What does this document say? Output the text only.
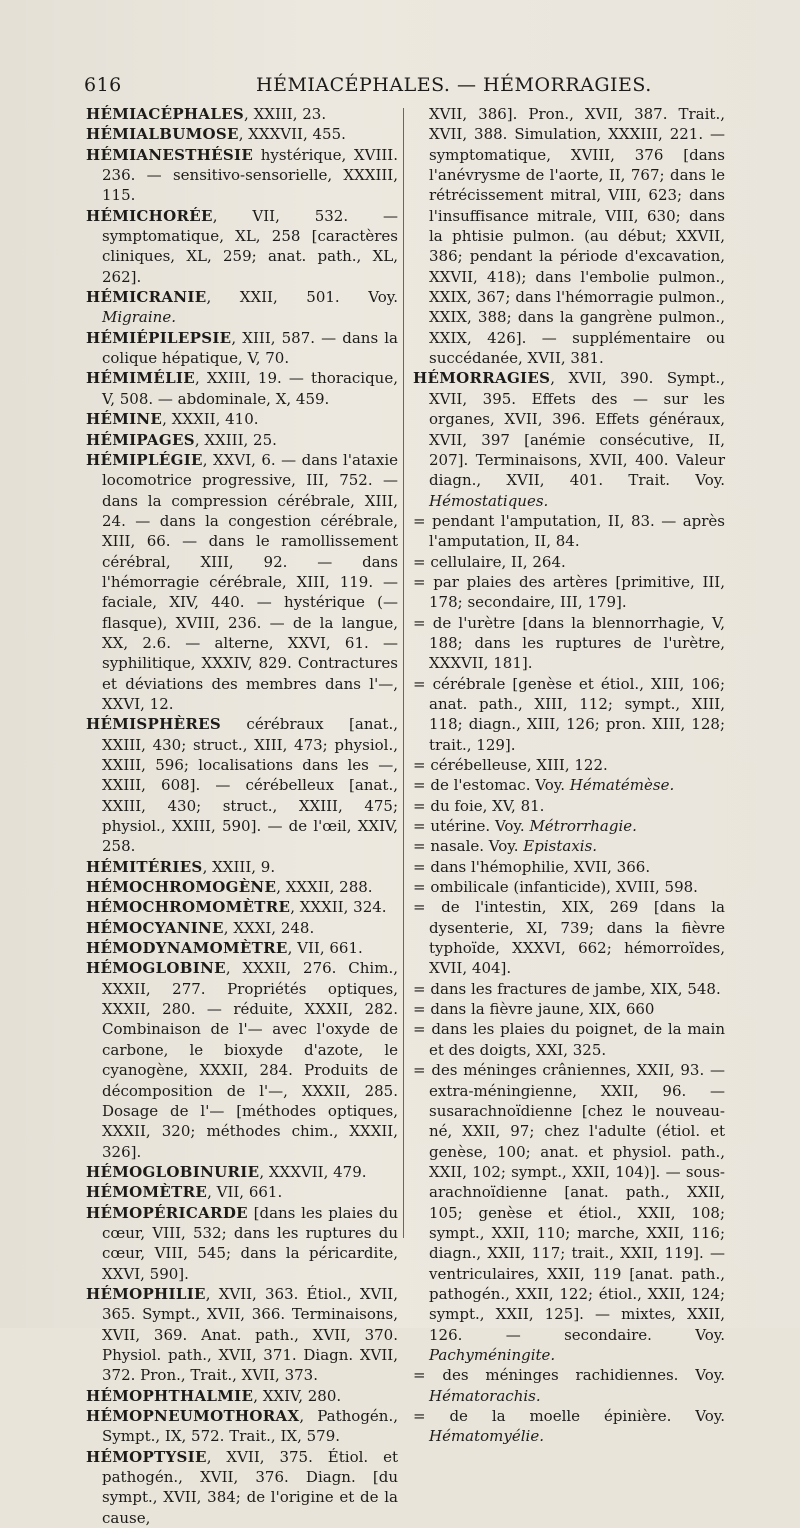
616	HÉMIACÉPHALES. — HÉMORRAGIES.

HÉMIACÉPHALES, XXIII, 23.

HÉMIALBUMOSE, XXXVII, 455.

HÉMIANESTHÉSIE hystérique, XVIII. 236. — sensitivo-sensorielle, XXXIII, 115.

HÉMICHORÉE, VII, 532. — symptomatique, XL, 258 [caractères cliniques, XL, 259; anat. path., XL, 262].

HÉMICRANIE, XXII, 501. Voy. Migraine.

HÉMIÉPILEPSIE, XIII, 587. — dans la colique hépatique, V, 70.

HÉMIMÉLIE, XXIII, 19. — thoracique, V, 508. — abdominale, X, 459.

HÉMINE, XXXII, 410.

HÉMIPAGES, XXIII, 25.

HÉMIPLÉGIE, XXVI, 6. — dans l'ataxie locomotrice progressive, III, 752. — dans la compression cérébrale, XIII, 24. — dans la congestion cérébrale, XIII, 66. — dans le ramollissement cérébral, XIII, 92. — dans l'hémorragie cérébrale, XIII, 119. — faciale, XIV, 440. — hystérique (— flasque), XVIII, 236. — de la langue, XX, 2.6. — alterne, XXVI, 61. — syphilitique, XXXIV, 829. Contractures et déviations des membres dans l'—, XXVI, 12.

HÉMISPHÈRES cérébraux [anat., XXIII, 430; struct., XIII, 473; physiol., XXIII, 596; localisations dans les —, XXIII, 608]. — cérébelleux [anat., XXIII, 430; struct., XXIII, 475; physiol., XXIII, 590]. — de l'œil, XXIV, 258.

HÉMITÉRIES, XXIII, 9.

HÉMOCHROMOGÈNE, XXXII, 288.

HÉMOCHROMOMÈTRE, XXXII, 324.

HÉMOCYANINE, XXXI, 248.

HÉMODYNAMOMÈTRE, VII, 661.

HÉMOGLOBINE, XXXII, 276. Chim., XXXII, 277. Propriétés optiques, XXXII, 280. — réduite, XXXII, 282. Combinaison de l'— avec l'oxyde de carbone, le bioxyde d'azote, le cyanogène, XXXII, 284. Produits de décomposition de l'—, XXXII, 285. Dosage de l'— [méthodes optiques, XXXII, 320; méthodes chim., XXXII, 326].

HÉMOGLOBINURIE, XXXVII, 479.

HÉMOMÈTRE, VII, 661.

HÉMOPÉRICARDE [dans les plaies du cœur, VIII, 532; dans les ruptures du cœur, VIII, 545; dans la péricardite, XXVI, 590].

HÉMOPHILIE, XVII, 363. Étiol., XVII, 365. Sympt., XVII, 366. Terminaisons, XVII, 369. Anat. path., XVII, 370. Physiol. path., XVII, 371. Diagn. XVII, 372. Pron., Trait., XVII, 373.

HÉMOPHTHALMIE, XXIV, 280.

HÉMOPNEUMOTHORAX, Pathogén., Sympt., IX, 572. Trait., IX, 579.

HÉMOPTYSIE, XVII, 375. Étiol. et pathogén., XVII, 376. Diagn. [du sympt., XVII, 384; de l'origine et de la cause,

XVII, 386]. Pron., XVII, 387. Trait., XVII, 388. Simulation, XXXIII, 221. — symptomatique, XVIII, 376 [dans l'anévrysme de l'aorte, II, 767; dans le rétrécissement mitral, VIII, 623; dans l'insuffisance mitrale, VIII, 630; dans la phtisie pulmon. (au début; XXVII, 386; pendant la période d'excavation, XXVII, 418); dans l'embolie pulmon., XXIX, 367; dans l'hémorragie pulmon., XXIX, 388; dans la gangrène pulmon., XXIX, 426]. — supplémentaire ou succédanée, XVII, 381.

HÉMORRAGIES, XVII, 390. Sympt., XVII, 395. Effets des — sur les organes, XVII, 396. Effets généraux, XVII, 397 [anémie consécutive, II, 207]. Terminaisons, XVII, 400. Valeur diagn., XVII, 401. Trait. Voy. Hémostatiques.

= pendant l'amputation, II, 83. — après l'amputation, II, 84.

= cellulaire, II, 264.

= par plaies des artères [primitive, III, 178; secondaire, III, 179].

= de l'urètre [dans la blennorrhagie, V, 188; dans les ruptures de l'urètre, XXXVII, 181].

= cérébrale [genèse et étiol., XIII, 106; anat. path., XIII, 112; sympt., XIII, 118; diagn., XIII, 126; pron. XIII, 128; trait., 129].

= cérébelleuse, XIII, 122.

= de l'estomac. Voy. Hématémèse.

= du foie, XV, 81.

= utérine. Voy. Métrorrhagie.

= nasale. Voy. Epistaxis.

= dans l'hémophilie, XVII, 366.

= ombilicale (infanticide), XVIII, 598.

= de l'intestin, XIX, 269 [dans la dysenterie, XI, 739; dans la fièvre typhoïde, XXXVI, 662; hémorroïdes, XVII, 404].

= dans les fractures de jambe, XIX, 548.

= dans la fièvre jaune, XIX, 660

= dans les plaies du poignet, de la main et des doigts, XXI, 325.

= des méninges crâniennes, XXII, 93. — extra-méningienne, XXII, 96. — susarachnoïdienne [chez le nouveau-né, XXII, 97; chez l'adulte (étiol. et genèse, 100; anat. et physiol. path., XXII, 102; sympt., XXII, 104)]. — sous-arachnoïdienne [anat. path., XXII, 105; genèse et étiol., XXII, 108; sympt., XXII, 110; marche, XXII, 116; diagn., XXII, 117; trait., XXII, 119]. — ventriculaires, XXII, 119 [anat. path., pathogén., XXII, 122; étiol., XXII, 124; sympt., XXII, 125]. — mixtes, XXII, 126. — secondaire. Voy. Pachyméningite.

= des méninges rachidiennes. Voy. Hématorachis.

= de la moelle épinière. Voy. Hématomyélie.
